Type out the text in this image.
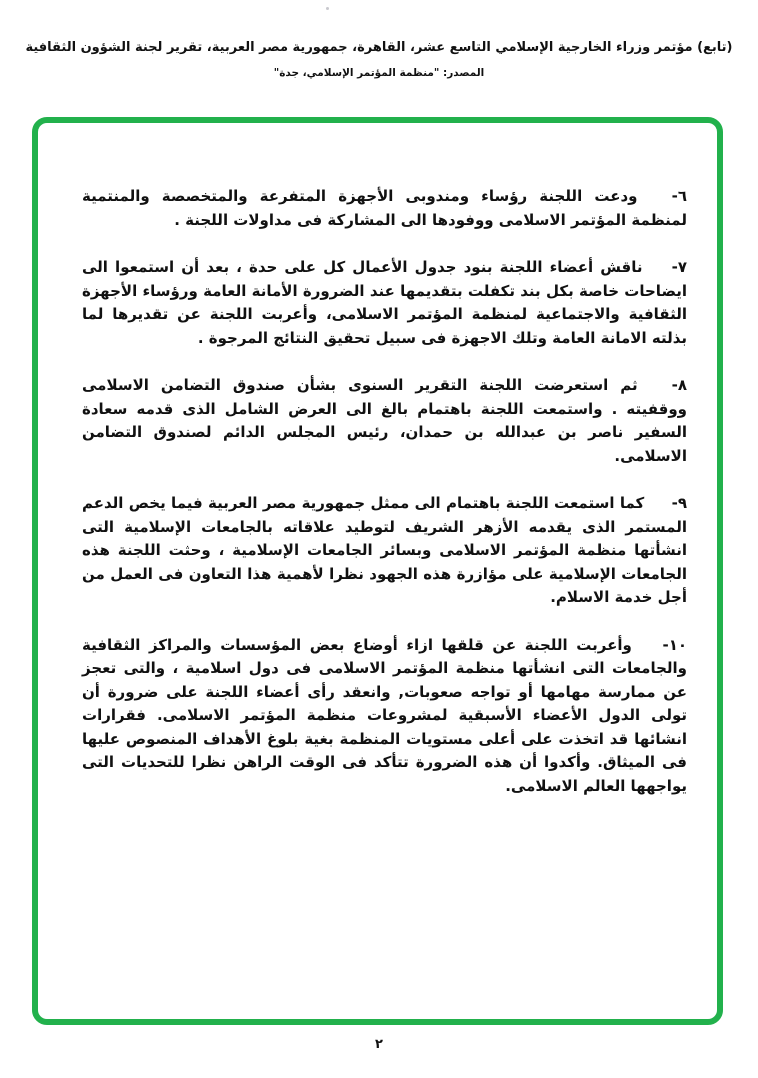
(تابع) مؤتمر وزراء الخارجية الإسلامي التاسع عشر، القاهرة، جمهورية مصر العربية، تقرير لجنة الشؤون الثقافية
المصدر: "منظمة المؤتمر الإسلامي، جدة"

٦- ودعت اللجنة رؤساء ومندوبى الأجهزة المتفرعة والمتخصصة والمنتمية لمنظمة المؤتمر الاسلامى ووفودها الى المشاركة فى مداولات اللجنة .

٧- ناقش أعضاء اللجنة بنود جدول الأعمال كل على حدة ، بعد أن استمعوا الى ايضاحات خاصة بكل بند تكفلت بتقديمها عند الضرورة الأمانة العامة ورؤساء الأجهزة الثقافية والاجتماعية لمنظمة المؤتمر الاسلامى، وأعربت اللجنة عن تقديرها لما بذلته الامانة العامة وتلك الاجهزة فى سبيل تحقيق النتائج المرجوة .

٨- ثم استعرضت اللجنة التقرير السنوى بشأن صندوق التضامن الاسلامى ووقفيته . واستمعت اللجنة باهتمام بالغ الى العرض الشامل الذى قدمه سعادة السفير ناصر بن عبدالله بن حمدان، رئيس المجلس الدائم لصندوق التضامن الاسلامى.

٩- كما استمعت اللجنة باهتمام الى ممثل جمهورية مصر العربية فيما يخص الدعم المستمر الذى يقدمه الأزهر الشريف لتوطيد علاقاته بالجامعات الإسلامية التى انشأتها منظمة المؤتمر الاسلامى وبسائر الجامعات الإسلامية ، وحثت اللجنة هذه الجامعات الإسلامية على مؤازرة هذه الجهود نظرا لأهمية هذا التعاون فى العمل من أجل خدمة الاسلام.

١٠- وأعربت اللجنة عن قلقها ازاء أوضاع بعض المؤسسات والمراكز الثقافية والجامعات التى انشأتها منظمة المؤتمر الاسلامى فى دول اسلامية ، والتى تعجز عن ممارسة مهامها أو تواجه صعوبات, وانعقد رأى أعضاء اللجنة على ضرورة أن تولى الدول الأعضاء الأسبقية لمشروعات منظمة المؤتمر الاسلامى. فقرارات انشائها قد اتخذت على أعلى مستويات المنظمة بغية بلوغ الأهداف المنصوص عليها فى الميثاق. وأكدوا أن هذه الضرورة تتأكد فى الوقت الراهن نظرا للتحديات التى يواجهها العالم الاسلامى.

٢
